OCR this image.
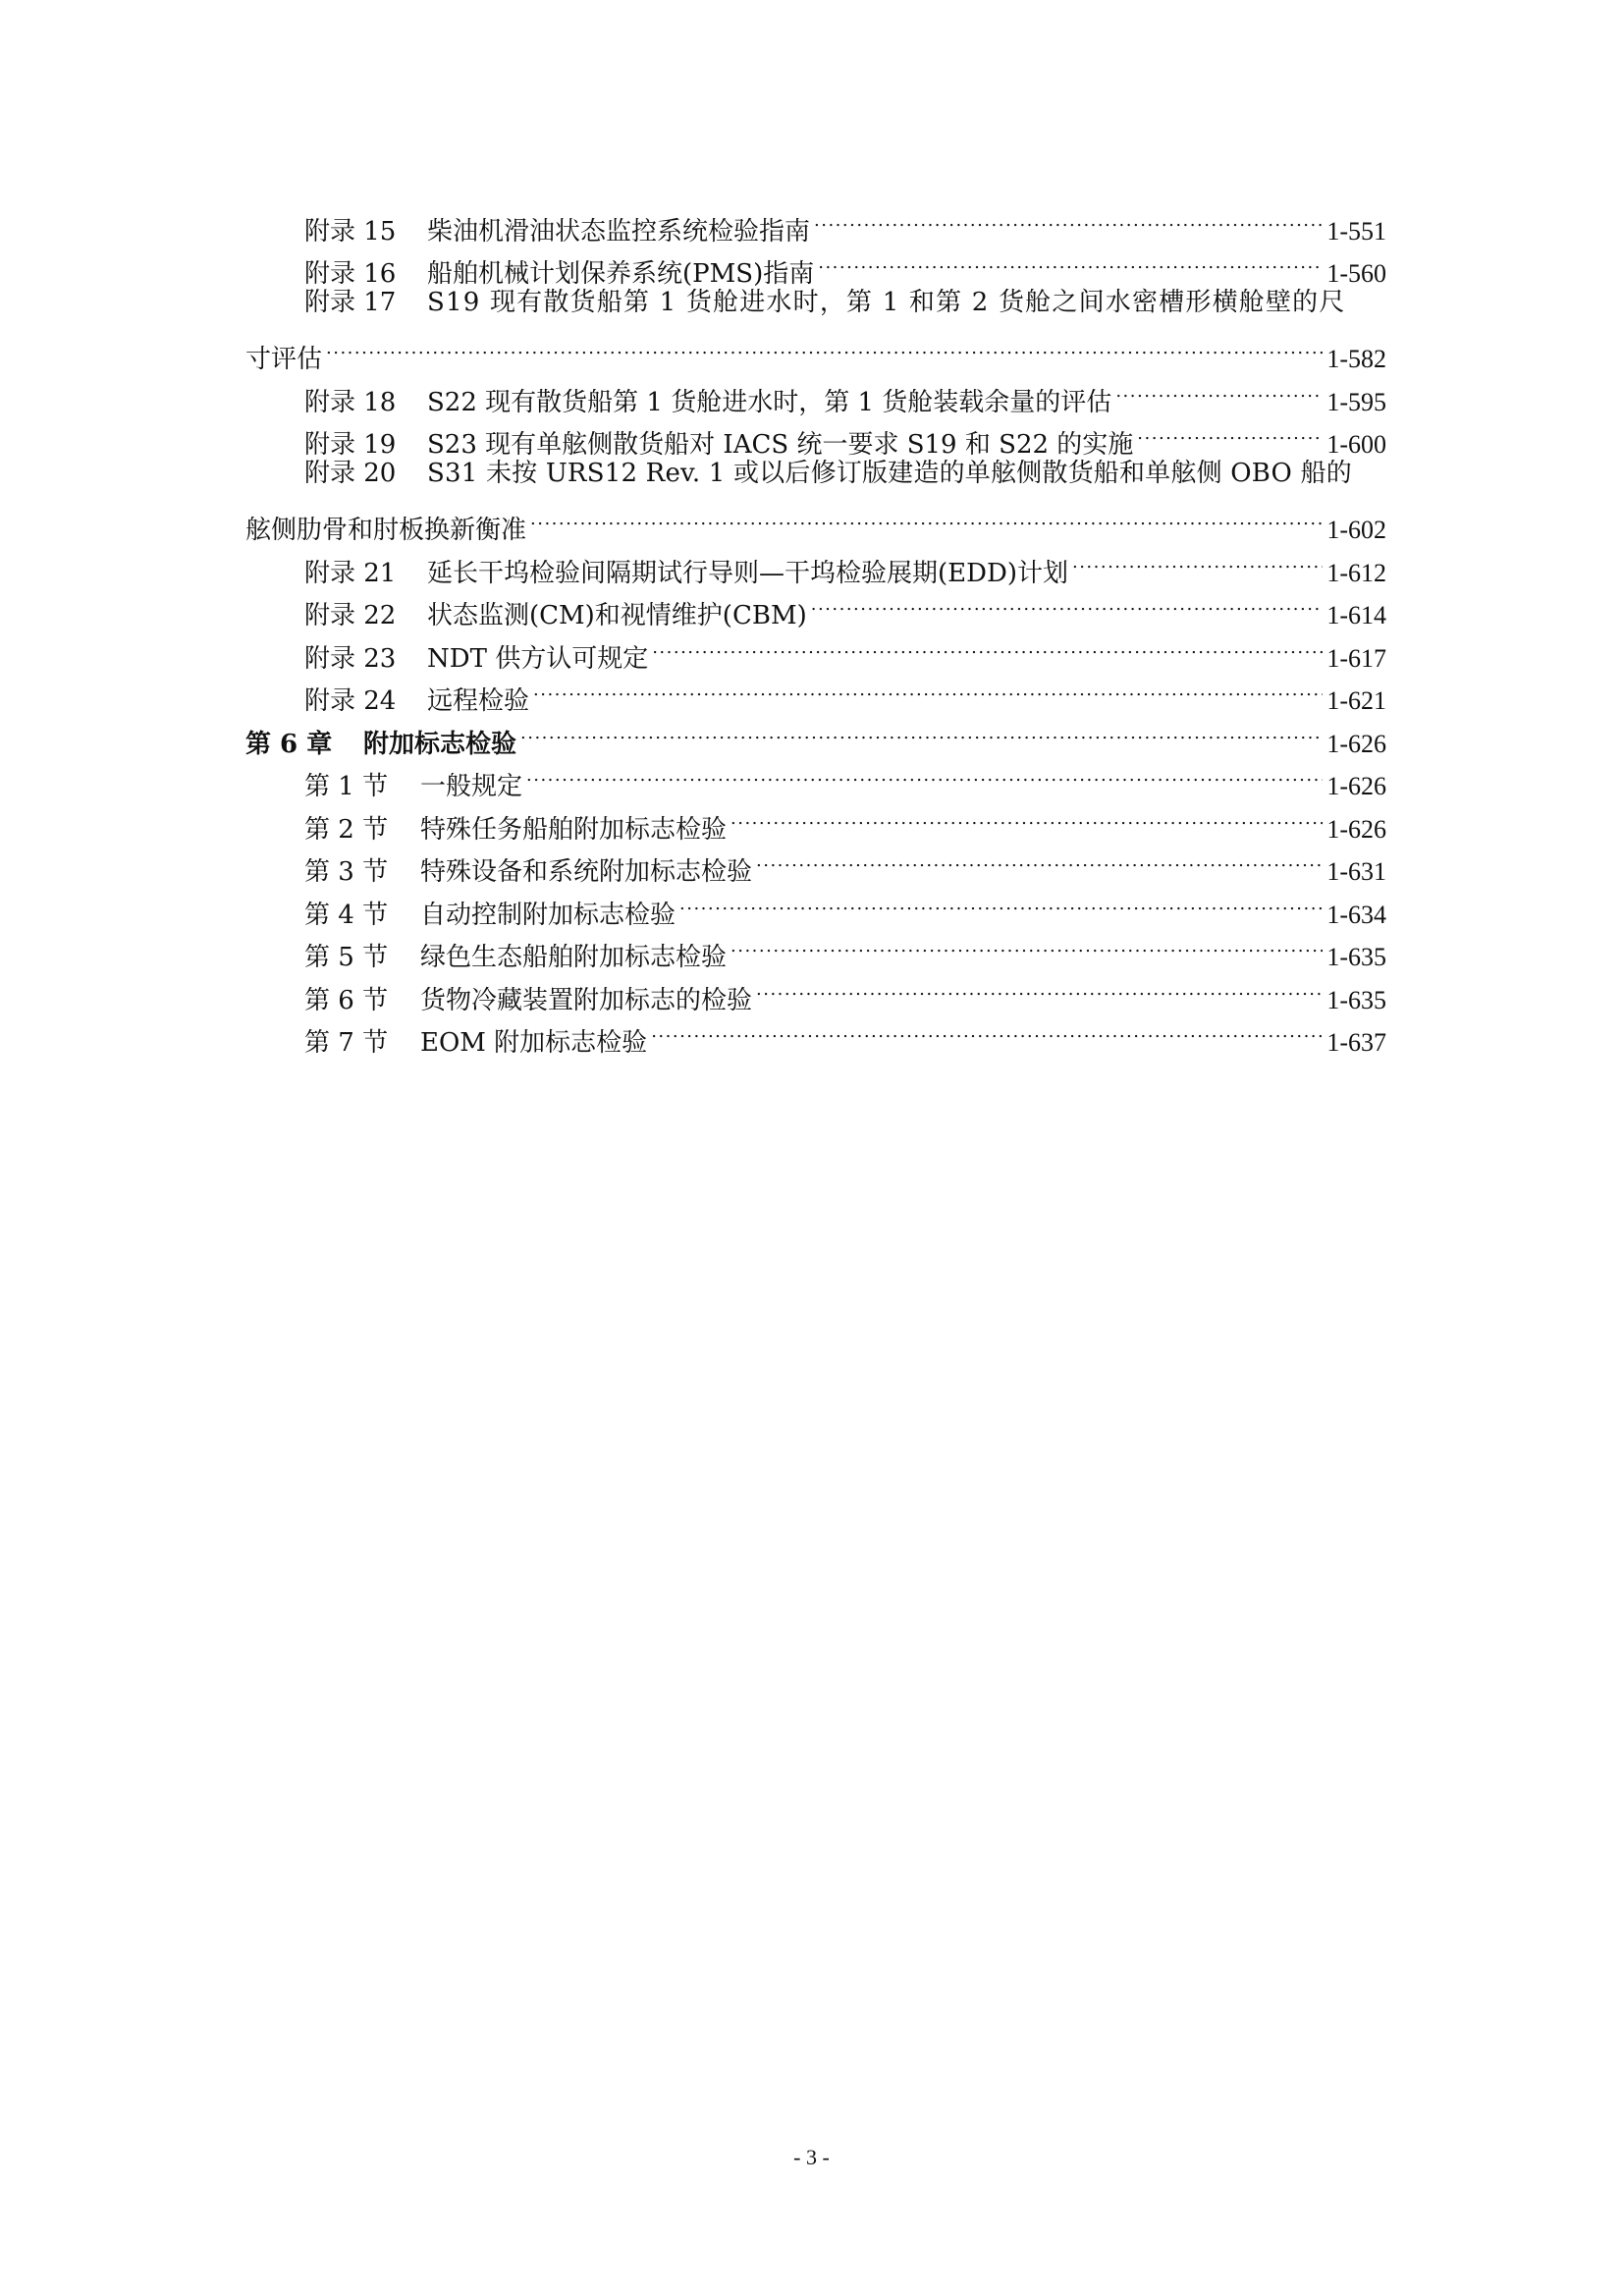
附录 15	柴油机滑油状态监控系统检验指南 .....	1-551
附录 16	船舶机械计划保养系统(PMS)指南 .....	1-560
附录 17	S19 现有散货船第 1 货舱进水时，第 1 和第 2 货舱之间水密槽形横舱壁的尺
寸评估 .....	1-582
附录 18	S22 现有散货船第 1 货舱进水时，第 1 货舱装载余量的评估 .....	1-595
附录 19	S23 现有单舷侧散货船对 IACS 统一要求 S19 和 S22 的实施 .....	1-600
附录 20	S31 未按 URS12 Rev. 1 或以后修订版建造的单舷侧散货船和单舷侧 OBO 船的
舷侧肋骨和肘板换新衡准 .....	1-602
附录 21	延长干坞检验间隔期试行导则—干坞检验展期(EDD)计划 .....	1-612
附录 22	状态监测(CM)和视情维护(CBM) .....	1-614
附录 23	NDT 供方认可规定 .....	1-617
附录 24	远程检验 .....	1-621
第 6 章	附加标志检验 .....	1-626
第 1 节	一般规定 .....	1-626
第 2 节	特殊任务船舶附加标志检验 .....	1-626
第 3 节	特殊设备和系统附加标志检验 .....	1-631
第 4 节	自动控制附加标志检验 .....	1-634
第 5 节	绿色生态船舶附加标志检验 .....	1-635
第 6 节	货物冷藏装置附加标志的检验 .....	1-635
第 7 节	EOM 附加标志检验 .....	1-637
- 3 -
